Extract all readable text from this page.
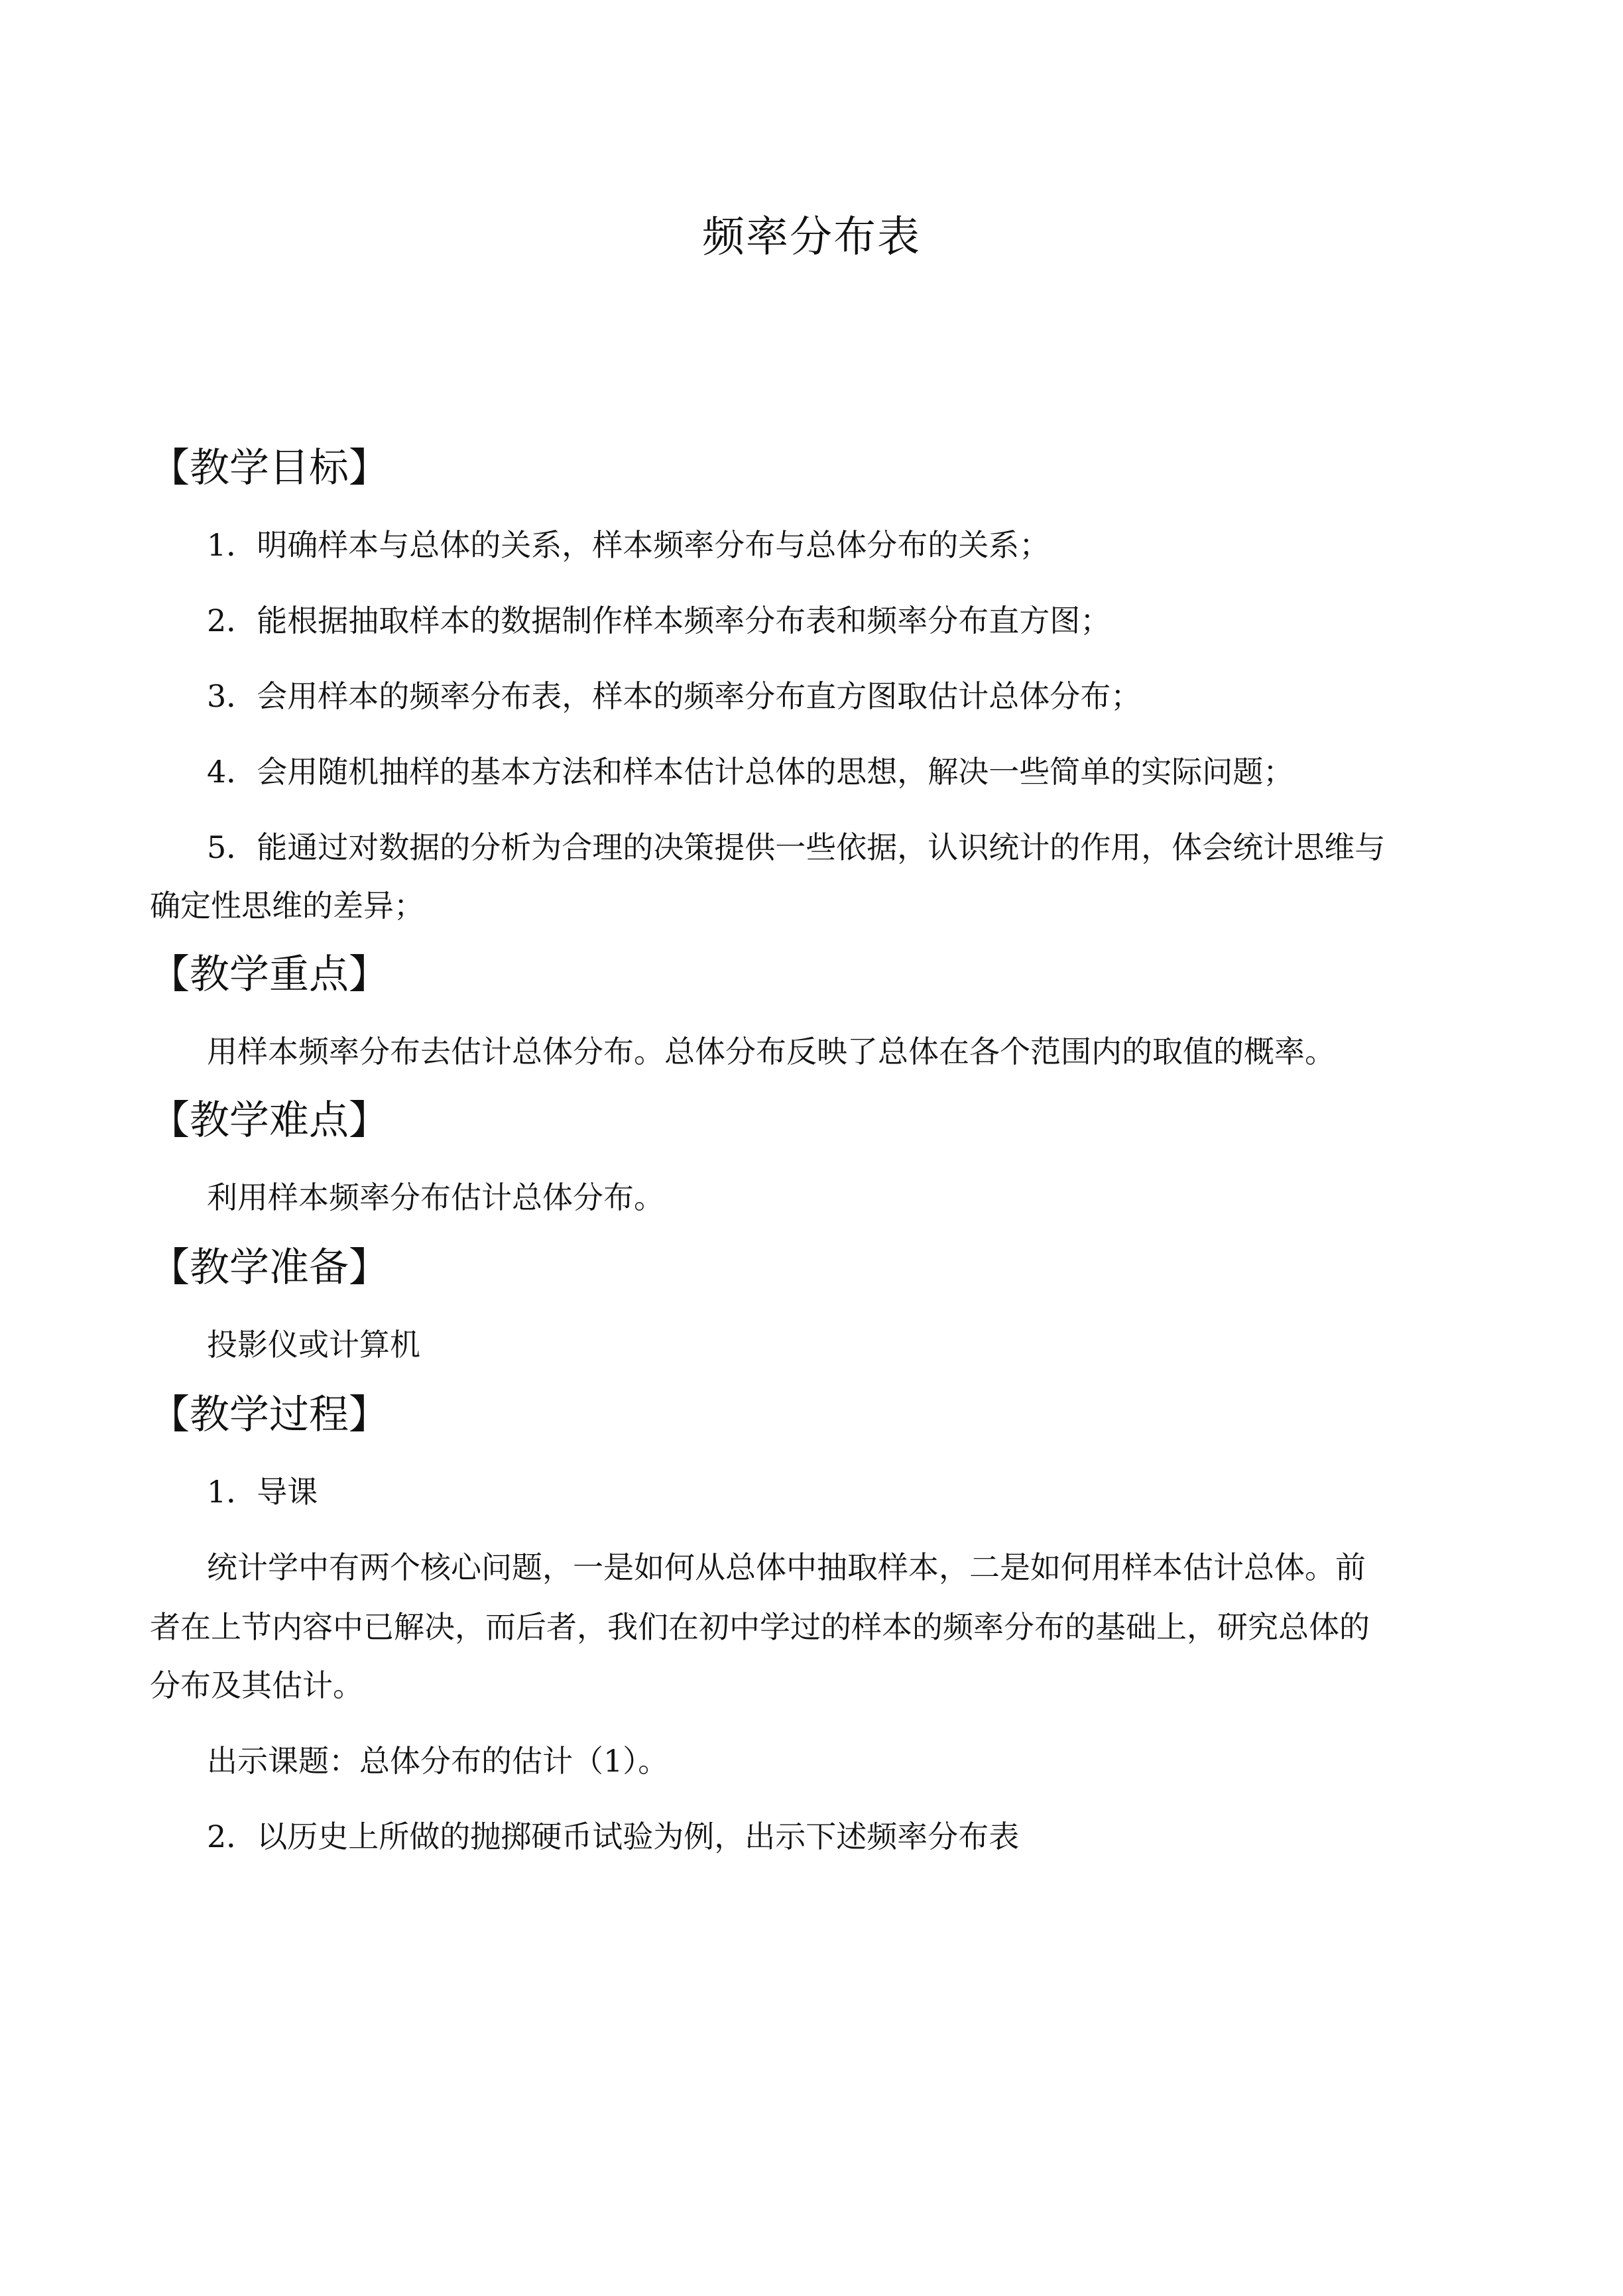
频率分布表
【教学目标】
1．明确样本与总体的关系，样本频率分布与总体分布的关系；
2．能根据抽取样本的数据制作样本频率分布表和频率分布直方图；
3．会用样本的频率分布表，样本的频率分布直方图取估计总体分布；
4．会用随机抽样的基本方法和样本估计总体的思想，解决一些简单的实际问题；
5．能通过对数据的分析为合理的决策提供一些依据，认识统计的作用，体会统计思维与
确定性思维的差异；
【教学重点】
用样本频率分布去估计总体分布。总体分布反映了总体在各个范围内的取值的概率。
【教学难点】
利用样本频率分布估计总体分布。
【教学准备】
投影仪或计算机
【教学过程】
1．导课
统计学中有两个核心问题，一是如何从总体中抽取样本，二是如何用样本估计总体。前
者在上节内容中已解决，而后者，我们在初中学过的样本的频率分布的基础上，研究总体的
分布及其估计。
出示课题：总体分布的估计（1）。
2．以历史上所做的抛掷硬币试验为例，出示下述频率分布表
